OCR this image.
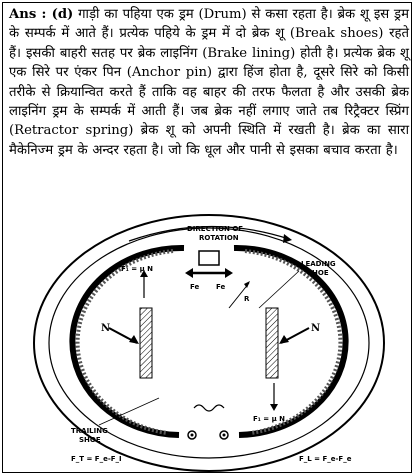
Ans : (d) गाड़ी का पहिया एक ड्रम (Drum) से कसा रहता है। ब्रेक शू इस ड्रम के सम्पर्क में आते हैं। प्रत्येक पहिये के ड्रम में दो ब्रेक शू (Break shoes) रहते हैं। इसकी बाहरी सतह पर ब्रेक लाइनिंग (Brake lining) होती है। प्रत्येक ब्रेक शू एक सिरे पर एंकर पिन (Anchor pin) द्वारा हिंज होता है, दूसरे सिरे को किसी तरीके से क्रियान्वित करते हैं ताकि वह बाहर की तरफ फैलता है और उसकी ब्रेक लाइनिंग ड्रम के सम्पर्क में आती हैं। जब ब्रेक नहीं लगाए जाते तब रिट्रैक्टर स्प्रिंग (Retractor spring) ब्रेक शू को अपनी स्थिति में रखती है। ब्रेक का सारा मैकेनिज्म ड्रम के अन्दर रहता है। जो कि धूल और पानी से इसका बचाव करता है।
DIRECTION OF
ROTATION
LEADING
SHOE
TRAILING
SHOE
F₁ = μ N
F₁ = μ N
Fe Fe
R
N	N
F_T = F_e-F_I	F_L = F_e-F_e
